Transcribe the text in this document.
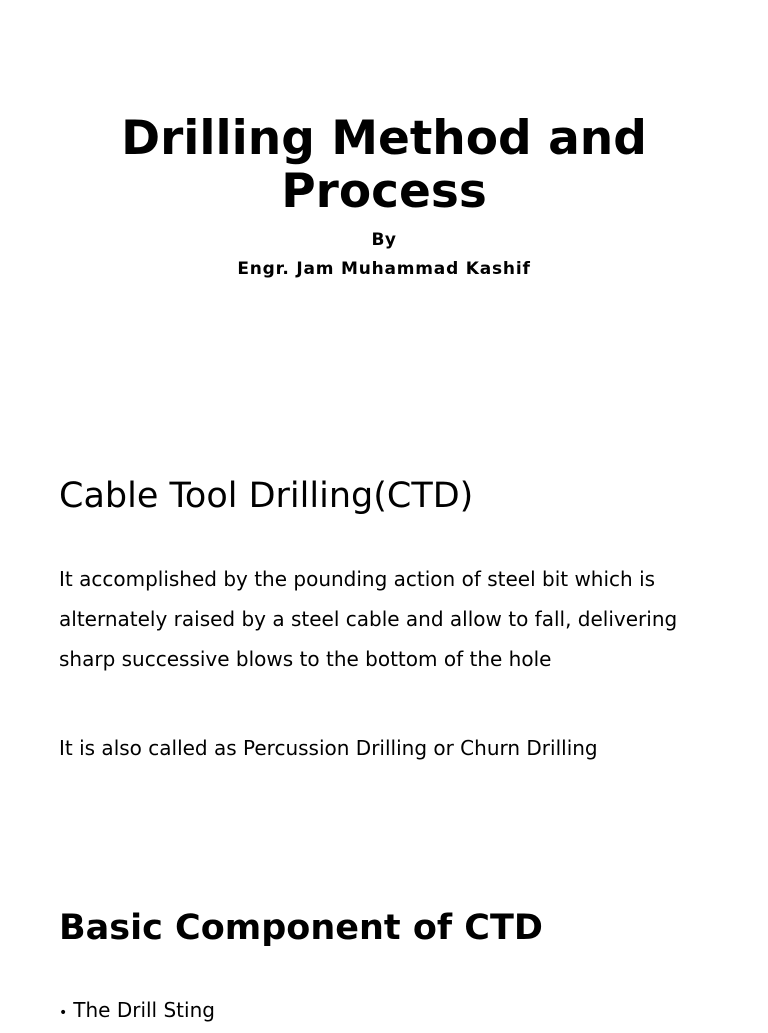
Drilling Method and
Process

By

Engr. Jam Muhammad Kashif

Cable Tool Drilling(CTD)

It accomplished by the pounding action of steel bit which is alternately raised by a steel cable and allow to fall, delivering sharp successive blows to the bottom of the hole

It is also called as Percussion Drilling or Churn Drilling

Basic Component of CTD
• The Drill Sting
